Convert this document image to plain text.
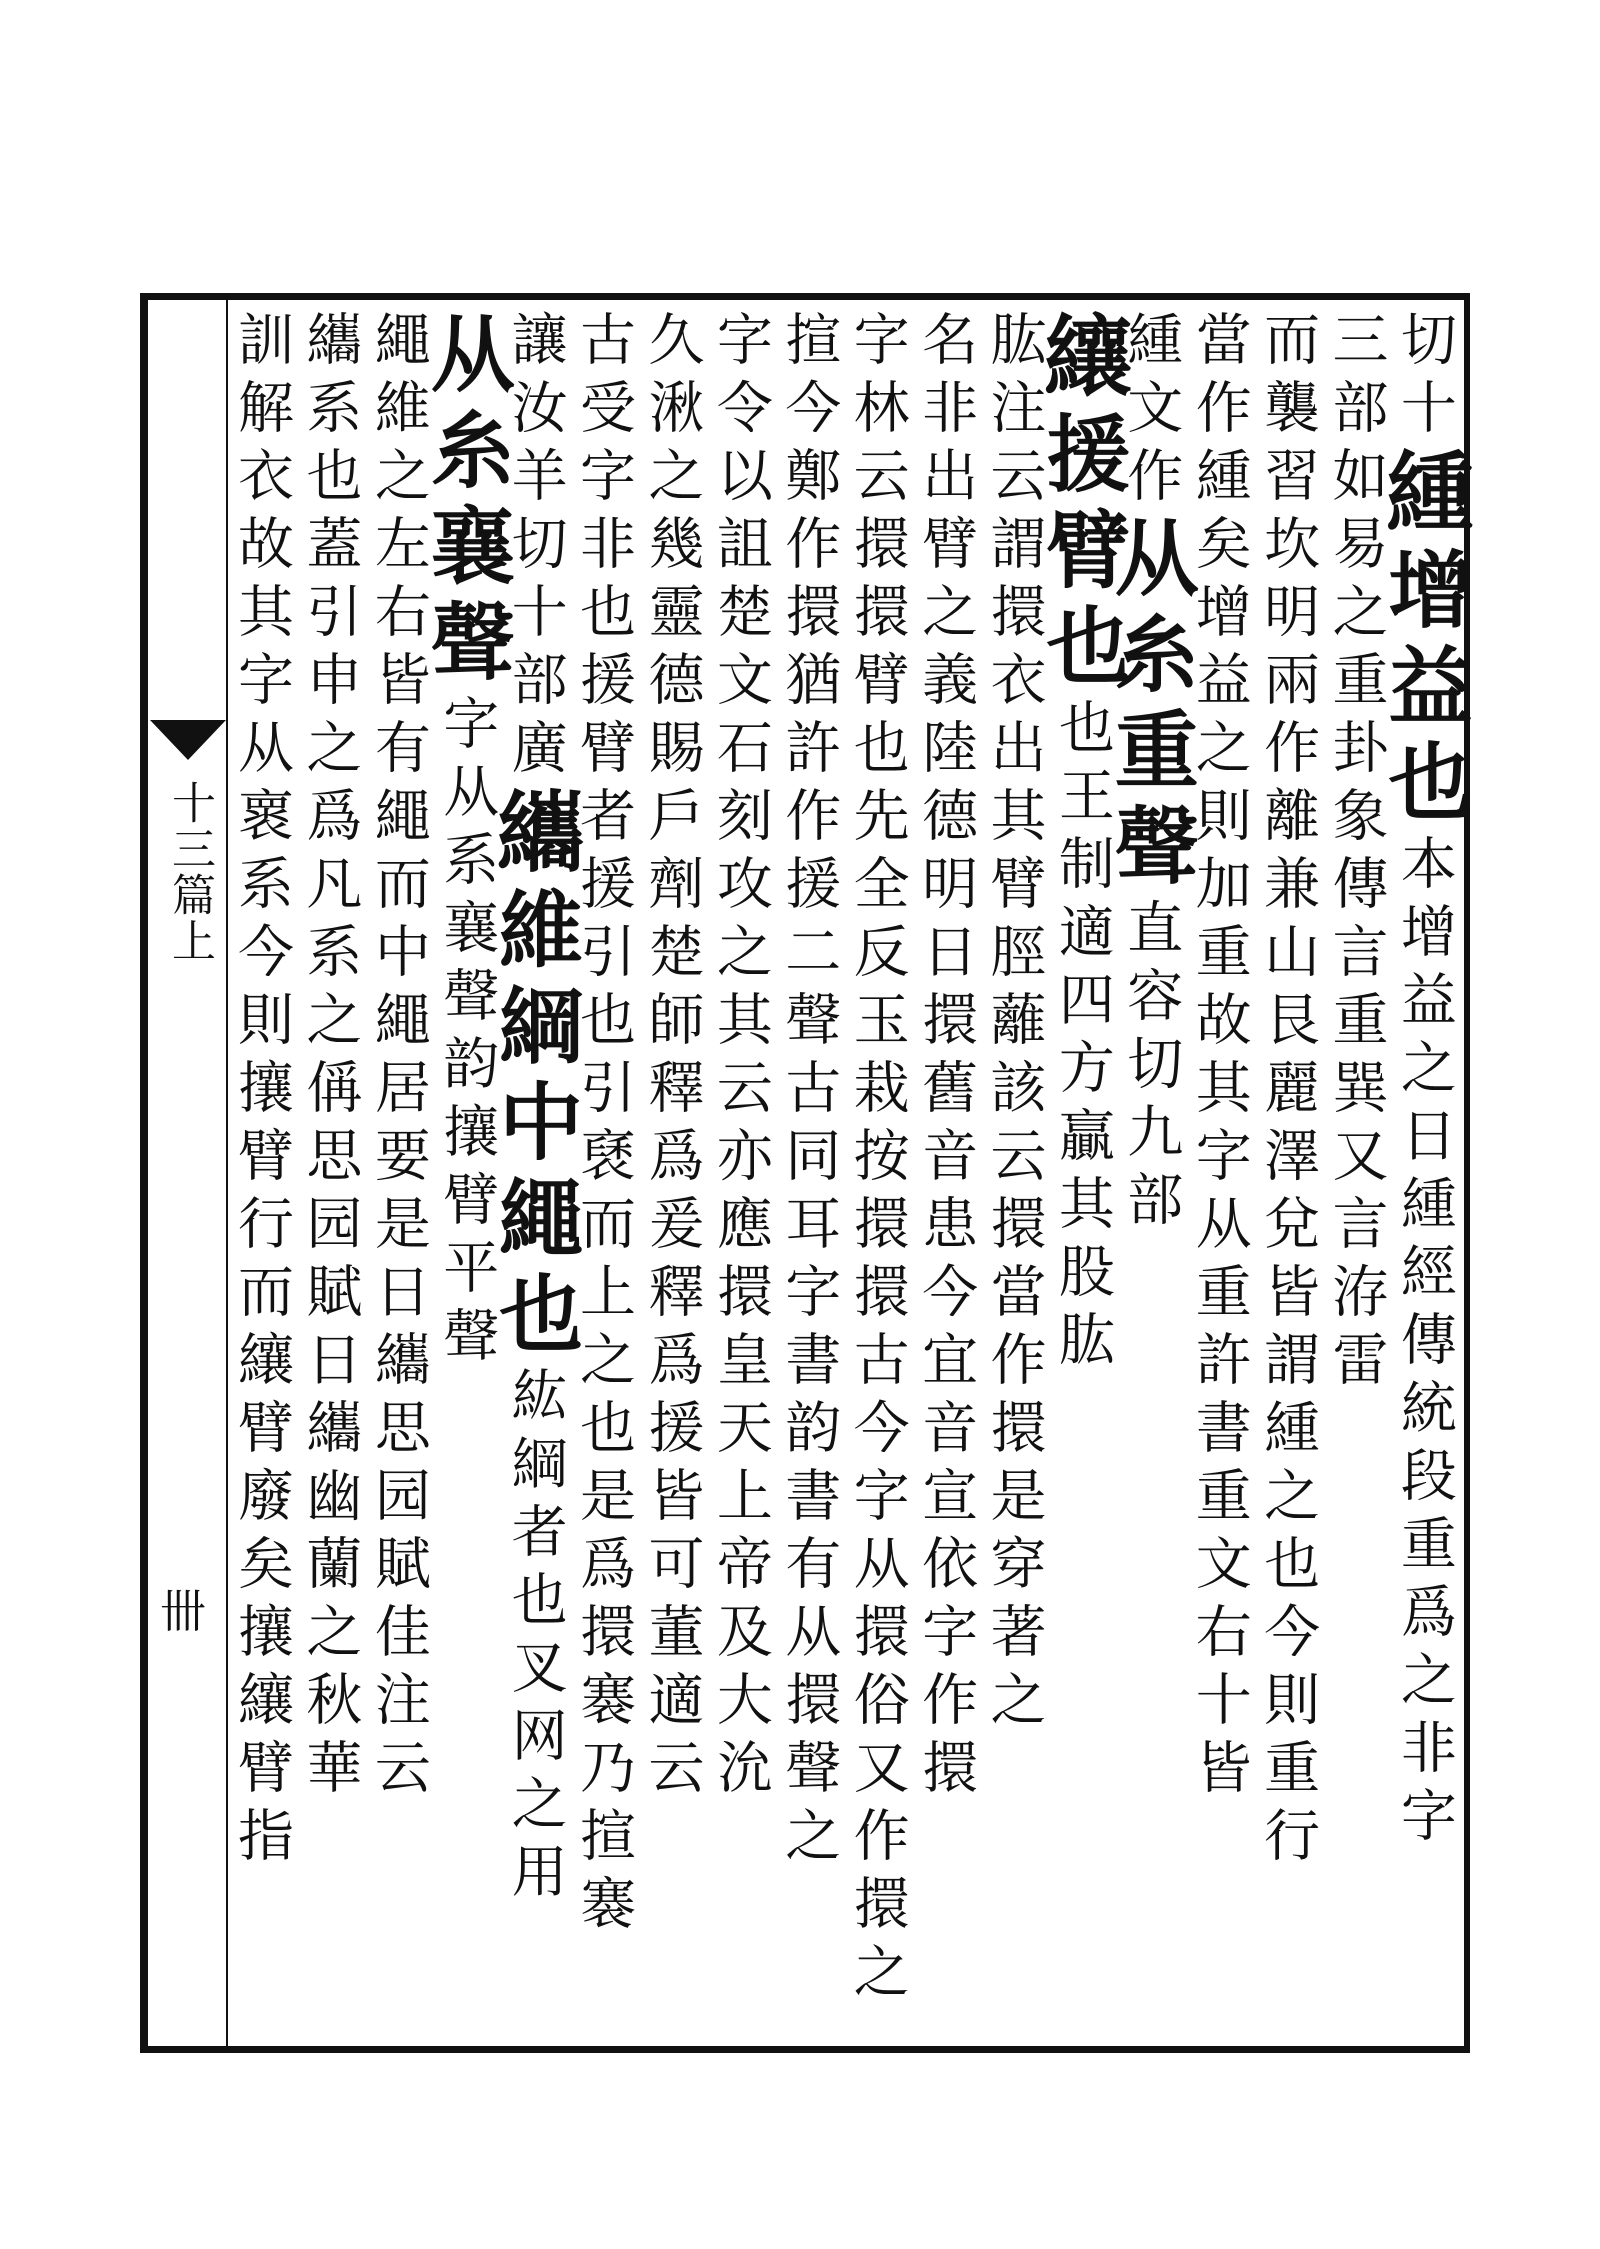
十三篇上
卌
切十緟增益也本增益之日緟經傳統段重爲之非字
三部如易之重卦象傳言重巽又言洊雷
而襲習坎明兩作離兼山艮麗澤兌皆謂緟之也今則重行
當作緟矣增益之則加重故其字从重許書重文右十皆
緟文作从糸重聲直容切九部
纕援臂也也王制適四方贏其股肱
肱注云謂擐衣出其臂脛蘺該云擐當作擐是穿著之
名非出臂之義陸德明日擐舊音患今宜音宣依字作擐
字林云擐擐臂也先全反玉栽按擐擐古今字从擐俗又作擐之
揎今鄭作擐猶許作援二聲古同耳字書韵書有从擐聲之
字令以詛楚文石刻攻之其云亦應擐皇天上帝及大沇
久湫之幾靈德賜戶劑楚師釋爲爰釋爲援皆可董適云
古受字非也援臂者援引也引褎而上之也是爲擐褰乃揎褰
讓汝羊切十部廣纗維綱中繩也紘綱者也叉网之用
从糸襄聲字从系襄聲韵攘臂平聲
繩維之左右皆有繩而中繩居要是日纗思园賦佳注云
纗系也蓋引申之爲凡系之偁思园賦日纗幽蘭之秋華
訓解衣故其字从褱系今則攘臂行而纕臂廢矣攘纕臂指
